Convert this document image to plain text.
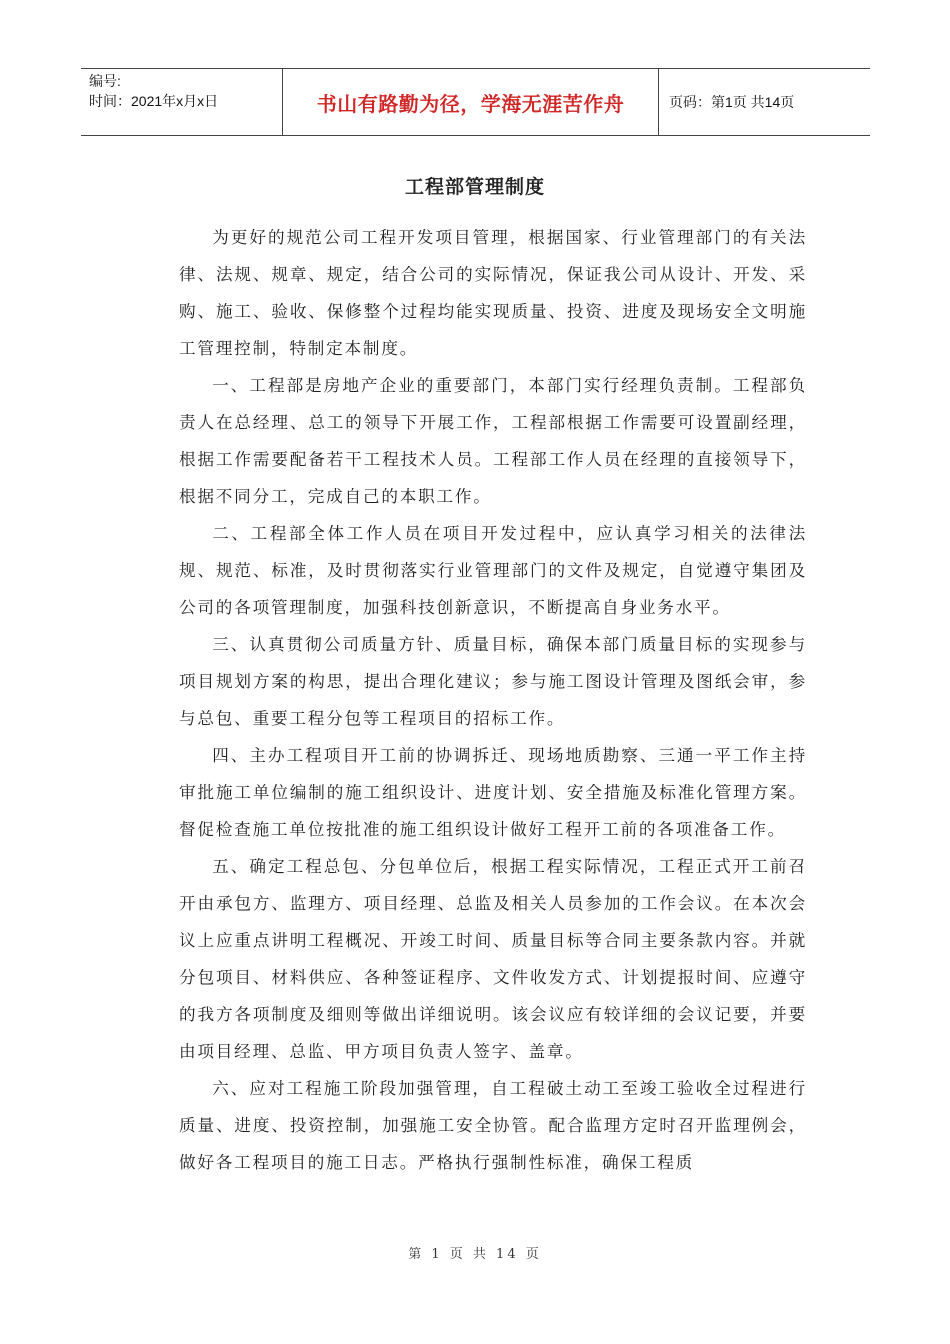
编号:
时间：2021年x月x日	书山有路勤为径，学海无涯苦作舟	页码：第1页 共14页
工程部管理制度

为更好的规范公司工程开发项目管理，根据国家、行业管理部门的有关法律、法规、规章、规定，结合公司的实际情况，保证我公司从设计、开发、采购、施工、验收、保修整个过程均能实现质量、投资、进度及现场安全文明施工管理控制，特制定本制度。

一、工程部是房地产企业的重要部门，本部门实行经理负责制。工程部负责人在总经理、总工的领导下开展工作，工程部根据工作需要可设置副经理，根据工作需要配备若干工程技术人员。工程部工作人员在经理的直接领导下，根据不同分工，完成自己的本职工作。

二、工程部全体工作人员在项目开发过程中，应认真学习相关的法律法规、规范、标准，及时贯彻落实行业管理部门的文件及规定，自觉遵守集团及公司的各项管理制度，加强科技创新意识，不断提高自身业务水平。

三、认真贯彻公司质量方针、质量目标，确保本部门质量目标的实现参与项目规划方案的构思，提出合理化建议；参与施工图设计管理及图纸会审，参与总包、重要工程分包等工程项目的招标工作。

四、主办工程项目开工前的协调拆迁、现场地质勘察、三通一平工作主持审批施工单位编制的施工组织设计、进度计划、安全措施及标准化管理方案。督促检查施工单位按批准的施工组织设计做好工程开工前的各项准备工作。

五、确定工程总包、分包单位后，根据工程实际情况，工程正式开工前召开由承包方、监理方、项目经理、总监及相关人员参加的工作会议。在本次会议上应重点讲明工程概况、开竣工时间、质量目标等合同主要条款内容。并就分包项目、材料供应、各种签证程序、文件收发方式、计划提报时间、应遵守的我方各项制度及细则等做出详细说明。该会议应有较详细的会议记要，并要由项目经理、总监、甲方项目负责人签字、盖章。

六、应对工程施工阶段加强管理，自工程破土动工至竣工验收全过程进行质量、进度、投资控制，加强施工安全协管。配合监理方定时召开监理例会，做好各工程项目的施工日志。严格执行强制性标准，确保工程质

第 1 页 共 14 页
